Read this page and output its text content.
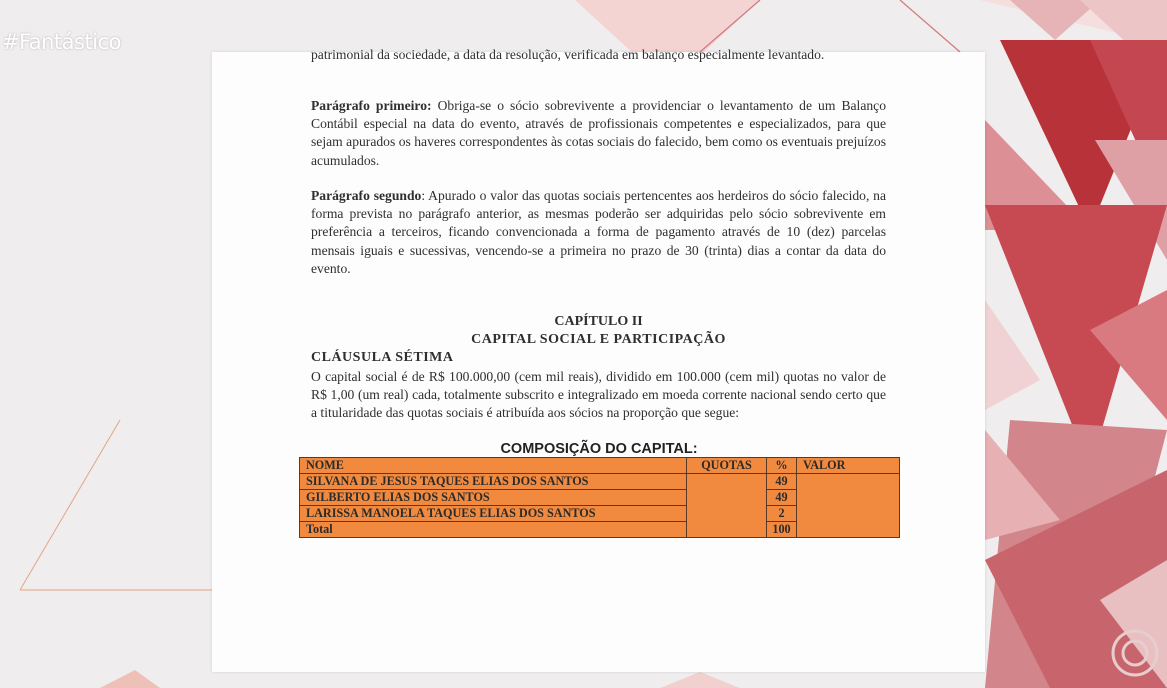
#Fantástico

patrimonial da sociedade, a data da resolução, verificada em balanço especialmente levantado.

Parágrafo primeiro: Obriga-se o sócio sobrevivente a providenciar o levantamento de um Balanço Contábil especial na data do evento, através de profissionais competentes e especializados, para que sejam apurados os haveres correspondentes às cotas sociais do falecido, bem como os eventuais prejuízos acumulados.

Parágrafo segundo: Apurado o valor das quotas sociais pertencentes aos herdeiros do sócio falecido, na forma prevista no parágrafo anterior, as mesmas poderão ser adquiridas pelo sócio sobrevivente em preferência a terceiros, ficando convencionada a forma de pagamento através de 10 (dez) parcelas mensais iguais e sucessivas, vencendo-se a primeira no prazo de 30 (trinta) dias a contar da data do evento.

CAPÍTULO II
CAPITAL SOCIAL E PARTICIPAÇÃO
CLÁUSULA SÉTIMA

O capital social é de R$ 100.000,00 (cem mil reais), dividido em 100.000 (cem mil) quotas no valor de R$ 1,00 (um real) cada, totalmente subscrito e integralizado em moeda corrente nacional sendo certo que a titularidade das quotas sociais é atribuída aos sócios na proporção que segue:

COMPOSIÇÃO DO CAPITAL:
NOME	QUOTAS	%	VALOR
SILVANA DE JESUS TAQUES ELIAS DOS SANTOS		49	
GILBERTO ELIAS DOS SANTOS		49	
LARISSA MANOELA TAQUES ELIAS DOS SANTOS		2	
Total		100	
